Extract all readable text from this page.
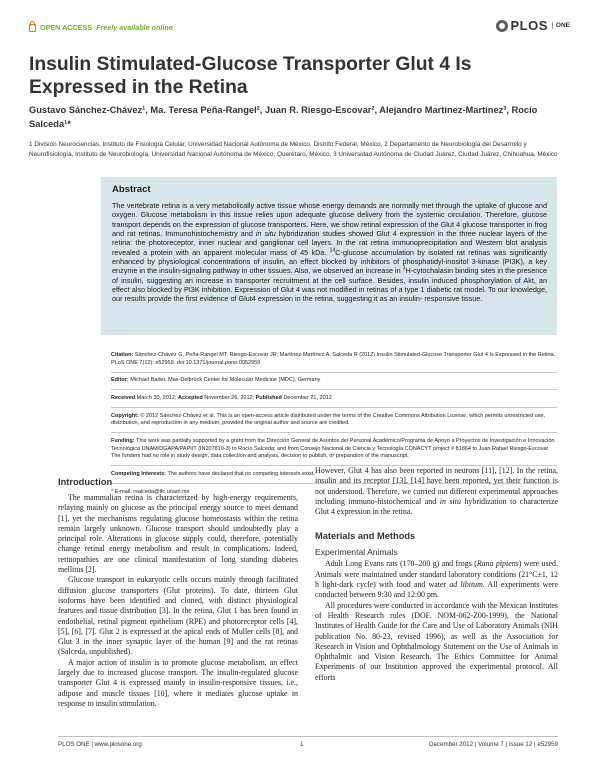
OPEN ACCESS Freely available online	PLOS	ONE
Insulin Stimulated-Glucose Transporter Glut 4 Is Expressed in the Retina

Gustavo Sánchez-Chávez¹, Ma. Teresa Peña-Rangel², Juan R. Riesgo-Escovar², Alejandro Martínez-Martínez³, Rocío Salceda¹*

1 División Neurociencias, Instituto de Fisiología Celular, Universidad Nacional Autónoma de México, Distrito Federal, México, 2 Departamento de Neurobiología del Desarrollo y Neurofisiología, Instituto de Neurobiología, Universidad Nacional Autónoma de México, Querétaro, México, 3 Universidad Autónoma de Ciudad Juárez, Ciudad Juárez, Chihuahua, México

Abstract

The vertebrate retina is a very metabolically active tissue whose energy demands are normally met through the uptake of glucose and oxygen. Glucose metabolism in this tissue relies upon adequate glucose delivery from the systemic circulation. Therefore, glucose transport depends on the expression of glucose transporters. Here, we show retinal expression of the Glut 4 glucose transporter in frog and rat retinas. Immunohistochemistry and in situ hybridization studies showed Glut 4 expression in the three nuclear layers of the retina: the photoreceptor, inner nuclear and ganglionar cell layers. In the rat retina immunoprecipitation and Western blot analysis revealed a protein with an apparent molecular mass of 45 kDa. $^{14}$C-glucose accumulation by isolated rat retinas was significantly enhanced by physiological concentrations of insulin, an effect blocked by inhibitors of phosphatidyl-inositol 3-kinase (PI3K), a key enzyme in the insulin-signaling pathway in other tissues. Also, we observed an increase in $^3$H-cytochalasin binding sites in the presence of insulin, suggesting an increase in transporter recruitment at the cell surface. Besides, insulin induced phosphorylation of Akt, an effect also blocked by PI3K inhibition. Expression of Glut 4 was not modified in retinas of a type 1 diabetic rat model. To our knowledge, our results provide the first evidence of Glut4 expression in the retina, suggesting it as an insulin- responsive tissue.

Citation: Sánchez-Chávez G, Peña-Rangel MT, Riesgo-Escovar JR, Martínez-Martínez A, Salceda R (2012) Insulin Stimulated-Glucose Transporter Glut 4 Is Expressed in the Retina. PLoS ONE 7(12): e52959. doi:10.1371/journal.pone.0052959

Editor: Michael Bader, Max-Delbrück Center for Molecular Medicine (MDC), Germany

Received March 30, 2012; Accepted November 26, 2012; Published December 21, 2012

Copyright: © 2012 Sánchez-Chávez et al. This is an open-access article distributed under the terms of the Creative Commons Attribution License, which permits unrestricted use, distribution, and reproduction in any medium, provided the original author and source are credited.

Funding: This work was partially supported by a grant from the Dirección General de Asuntos del Personal Académico/Programa de Apoyo a Proyectos de Investigación e Innovación Tecnológica UNAM/DGAPA/PAPIIT (IN207810-3) to Rocío Salceda; and from Consejo Nacional de Ciencia y Tecnología CONACYT project # 81864 to Juan Rafael Riesgo-Escovar. The funders had no role in study design, data collection and analysis, decision to publish, or preparation of the manuscript.

Competing Interests: The authors have declared that no competing interests exist.

* E-mail: rsalceda@ifc.unam.mx

Introduction

The mammalian retina is characterized by high-energy requirements, relaying mainly on glucose as the principal energy source to meet demand [1], yet the mechanisms regulating glucose homeostasis within the retina remain largely unknown. Glucose transport should undoubtedly play a principal role. Alterations in glucose supply could, therefore, potentially change retinal energy metabolism and result in complications. Indeed, retinopathies are one clinical manifestation of long standing diabetes mellitus [2].

Glucose transport in eukaryotic cells occurs mainly through facilitated diffusion glucose transporters (Glut proteins). To date, thirteen Glut isoforms have been identified and cloned, with distinct physiological features and tissue distribution [3]. In the retina, Glut 1 has been found in endothelial, retinal pigment epithelium (RPE) and photoreceptor cells [4], [5], [6], [7]. Glut 2 is expressed at the apical ends of Muller cells [8], and Glut 3 in the inner synaptic layer of the human [9] and the rat retinas (Salceda, unpublished).

A major action of insulin is to promote glucose metabolism, an effect largely due to increased glucose transport. The insulin-regulated glucose transporter Glut 4 is expressed mainly in insulin-responsive tissues, i.e., adipose and muscle tissues [10], where it mediates glucose uptake in response to insulin stimulation.

However, Glut 4 has also been reported in neurons [11], [12]. In the retina, insulin and its receptor [13], [14] have been reported, yet their function is not understood. Therefore, we carried out different experimental approaches including immuno-histochemical and in situ hybridization to characterize Glut 4 expression in the retina.

Materials and Methods
Experimental Animals

Adult Long Evans rats (170–200 g) and frogs (Rana pipiens) were used. Animals were maintained under standard laboratory conditions (21°C±1, 12 h light-dark cycle) with food and water ad libitum. All experiments were conducted between 9:30 and 12:00 pm.

All procedures were conducted in accordance with the Mexican Institutes of Health Research rules (DOF. NOM-062-Z00-1999), the National Institutes of Health Guide for the Care and Use of Laboratory Animals (NIH publication No. 80-23, revised 1996), as well as the Association for Research in Vision and Ophthalmology Statement on the Use of Animals in Ophthalmic and Vision Research. The Ethics Committee for Animal Experiments of our Institution approved the experimental protocol. All efforts

PLOS ONE | www.plosone.org	1	December 2012 | Volume 7 | Issue 12 | e52959
